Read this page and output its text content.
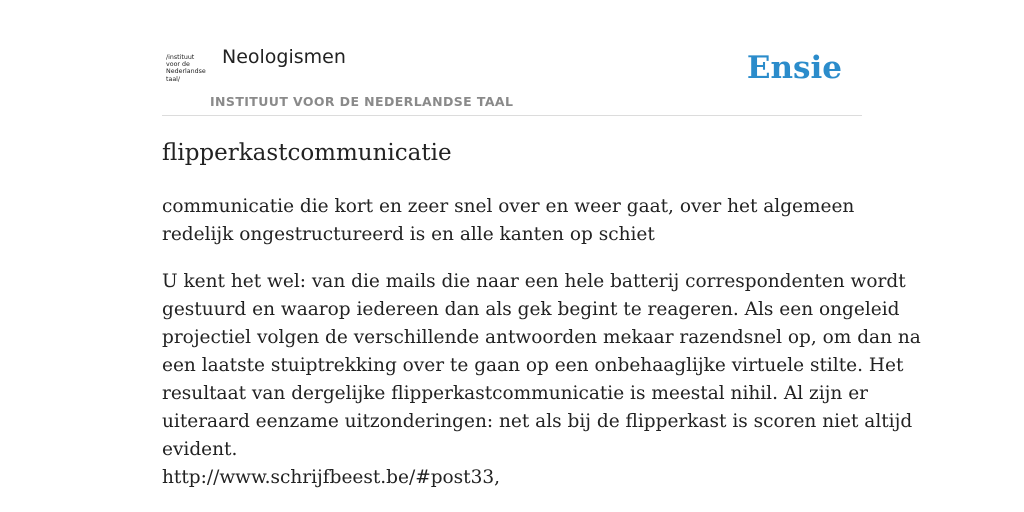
/instituut
voor de
Nederlandse
taal/
Neologismen
INSTITUUT VOOR DE NEDERLANDSE TAAL
Ensie
flipperkastcommunicatie

communicatie die kort en zeer snel over en weer gaat, over het algemeen redelijk ongestructureerd is en alle kanten op schiet

U kent het wel: van die mails die naar een hele batterij correspondenten wordt
gestuurd en waarop iedereen dan als gek begint te reageren. Als een ongeleid
projectiel volgen de verschillende antwoorden mekaar razendsnel op, om dan na
een laatste stuiptrekking over te gaan op een onbehaaglijke virtuele stilte. Het
resultaat van dergelijke flipperkastcommunicatie is meestal nihil. Al zijn er
uiteraard eenzame uitzonderingen: net als bij de flipperkast is scoren niet altijd
evident.
http://www.schrijfbeest.be/#post33,
